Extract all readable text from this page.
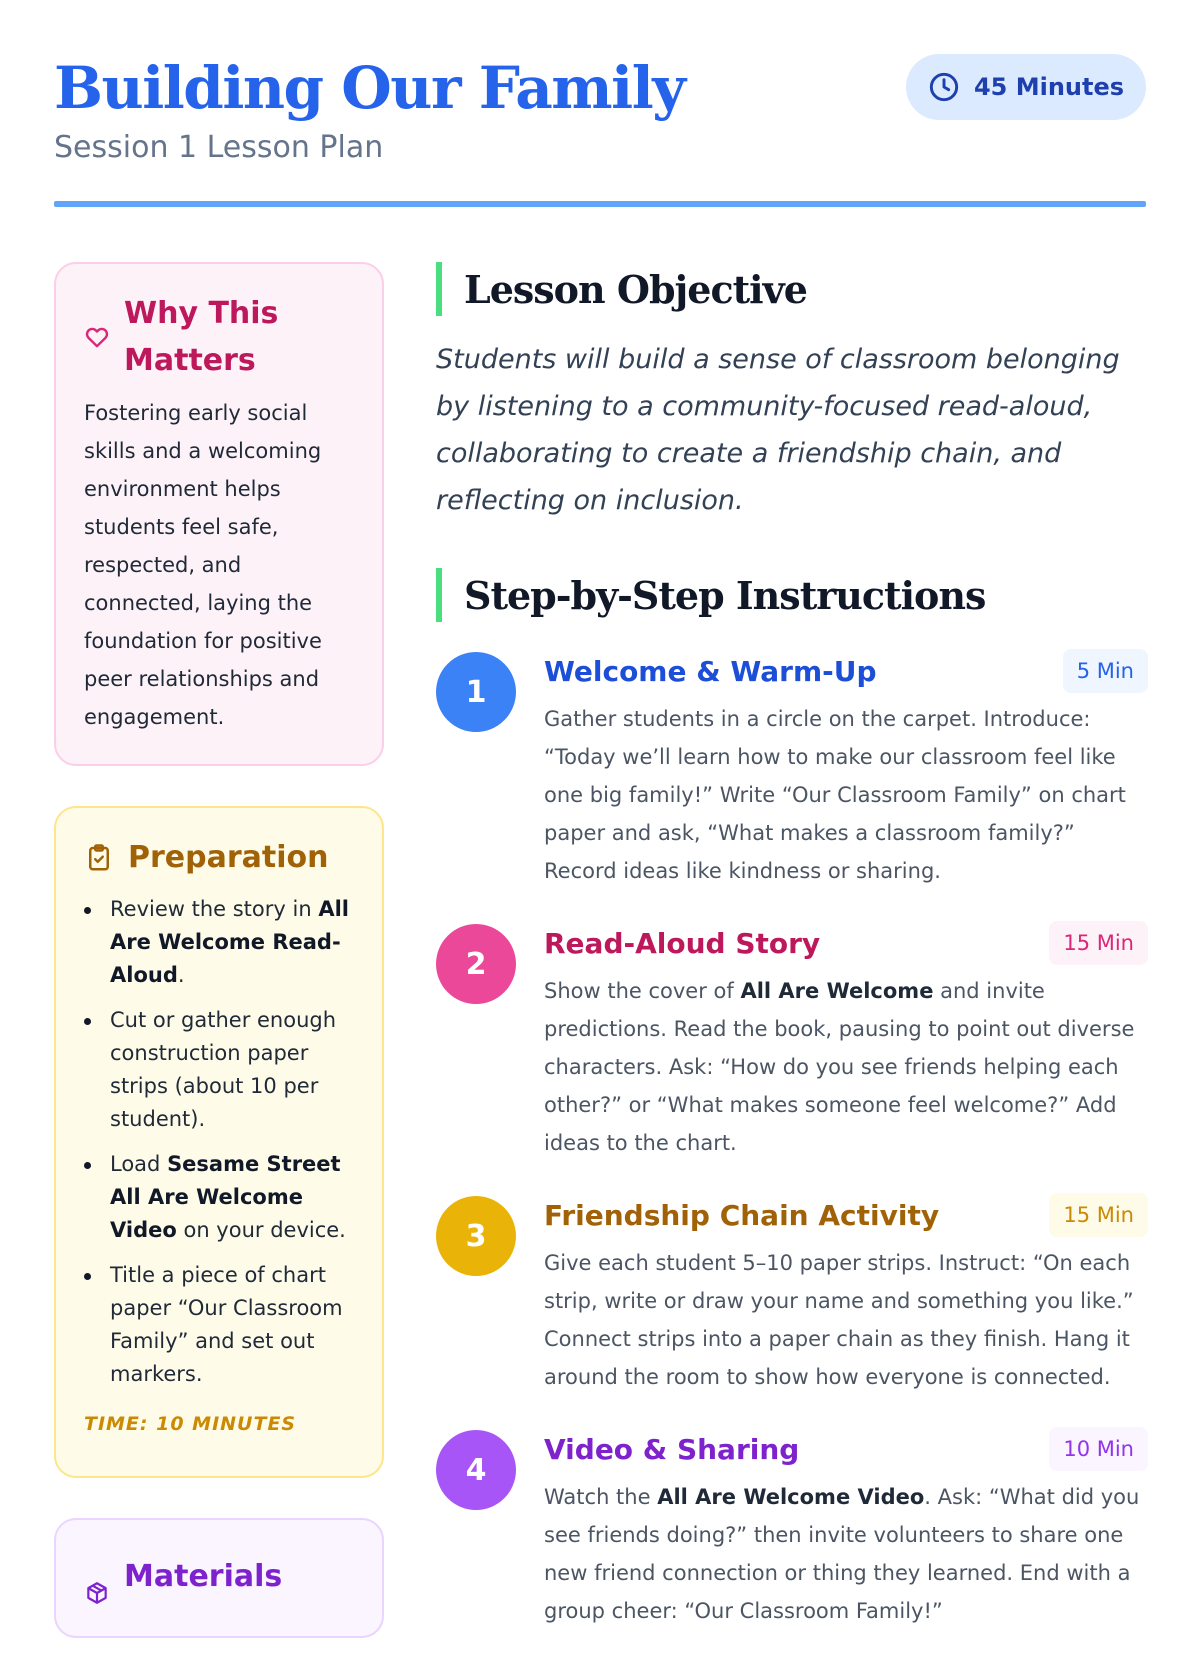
Building Our Family
Session 1 Lesson Plan
45 Minutes
Why This Matters

Fostering early social skills and a welcoming environment helps students feel safe, respected, and connected, laying the foundation for positive peer relationships and engagement.

Preparation
Review the story in All Are Welcome Read-Aloud.
Cut or gather enough construction paper strips (about 10 per student).
Load Sesame Street All Are Welcome Video on your device.
Title a piece of chart paper “Our Classroom Family” and set out markers.
TIME: 10 MINUTES
Materials
Lesson Objective

Students will build a sense of classroom belonging by listening to a community-focused read-aloud, collaborating to create a friendship chain, and reflecting on inclusion.

Step-by-Step Instructions
1
Welcome & Warm-Up	5 Min

Gather students in a circle on the carpet. Introduce: “Today we’ll learn how to make our classroom feel like one big family!” Write “Our Classroom Family” on chart paper and ask, “What makes a classroom family?” Record ideas like kindness or sharing.

2
Read-Aloud Story	15 Min

Show the cover of All Are Welcome and invite predictions. Read the book, pausing to point out diverse characters. Ask: “How do you see friends helping each other?” or “What makes someone feel welcome?” Add ideas to the chart.

3
Friendship Chain Activity	15 Min

Give each student 5–10 paper strips. Instruct: “On each strip, write or draw your name and something you like.” Connect strips into a paper chain as they finish. Hang it around the room to show how everyone is connected.

4
Video & Sharing	10 Min

Watch the All Are Welcome Video. Ask: “What did you see friends doing?” then invite volunteers to share one new friend connection or thing they learned. End with a group cheer: “Our Classroom Family!”
